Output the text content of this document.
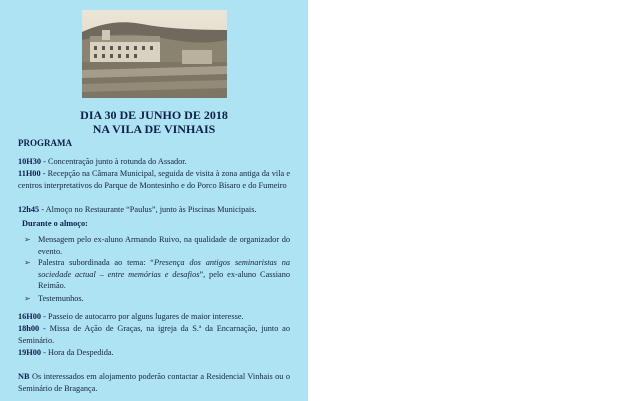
DIA 30 DE JUNHO DE 2018
NA VILA DE VINHAIS
PROGRAMA
10H30 - Concentração junto à rotunda do Assador.
11H00 - Recepção na Câmara Municipal, seguida de visita à zona antiga da vila e centros interpretativos do Parque de Montesinho e do Porco Bísaro e do Fumeiro
12h45 - Almoço no Restaurante “Paulus”, junto às Piscinas Municipais.
Durante o almoço:
➢ Mensagem pelo ex-aluno Armando Ruivo, na qualidade de organizador do evento.
➢ Palestra subordinada ao tema: “Presença dos antigos seminaristas na sociedade actual – entre memórias e desafios”, pelo ex-aluno Cassiano Reimão.
➢ Testemunhos.
16H00 - Passeio de autocarro por alguns lugares de maior interesse.
18h00 - Missa de Ação de Graças, na igreja da S.ª da Encarnação, junto ao Seminário.
19H00 - Hora da Despedida.
NB Os interessados em alojamento poderão contactar a Residencial Vinhais ou o Seminário de Bragança.
